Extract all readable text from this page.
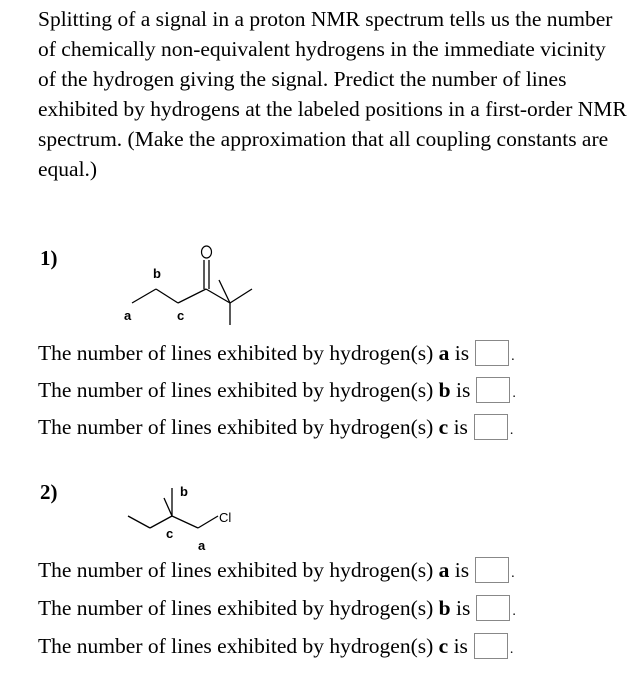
Splitting of a signal in a proton NMR spectrum tells us the number of chemically non-equivalent hydrogens in the immediate vicinity of the hydrogen giving the signal. Predict the number of lines exhibited by hydrogens at the labeled positions in a first-order NMR spectrum. (Make the approximation that all coupling constants are equal.)
1)
a
b
c
The number of lines exhibited by hydrogen(s) a is	.
The number of lines exhibited by hydrogen(s) b is	.
The number of lines exhibited by hydrogen(s) c is	.
2)	b
Cl
c
a
The number of lines exhibited by hydrogen(s) a is	.
The number of lines exhibited by hydrogen(s) b is	.
The number of lines exhibited by hydrogen(s) c is	.
